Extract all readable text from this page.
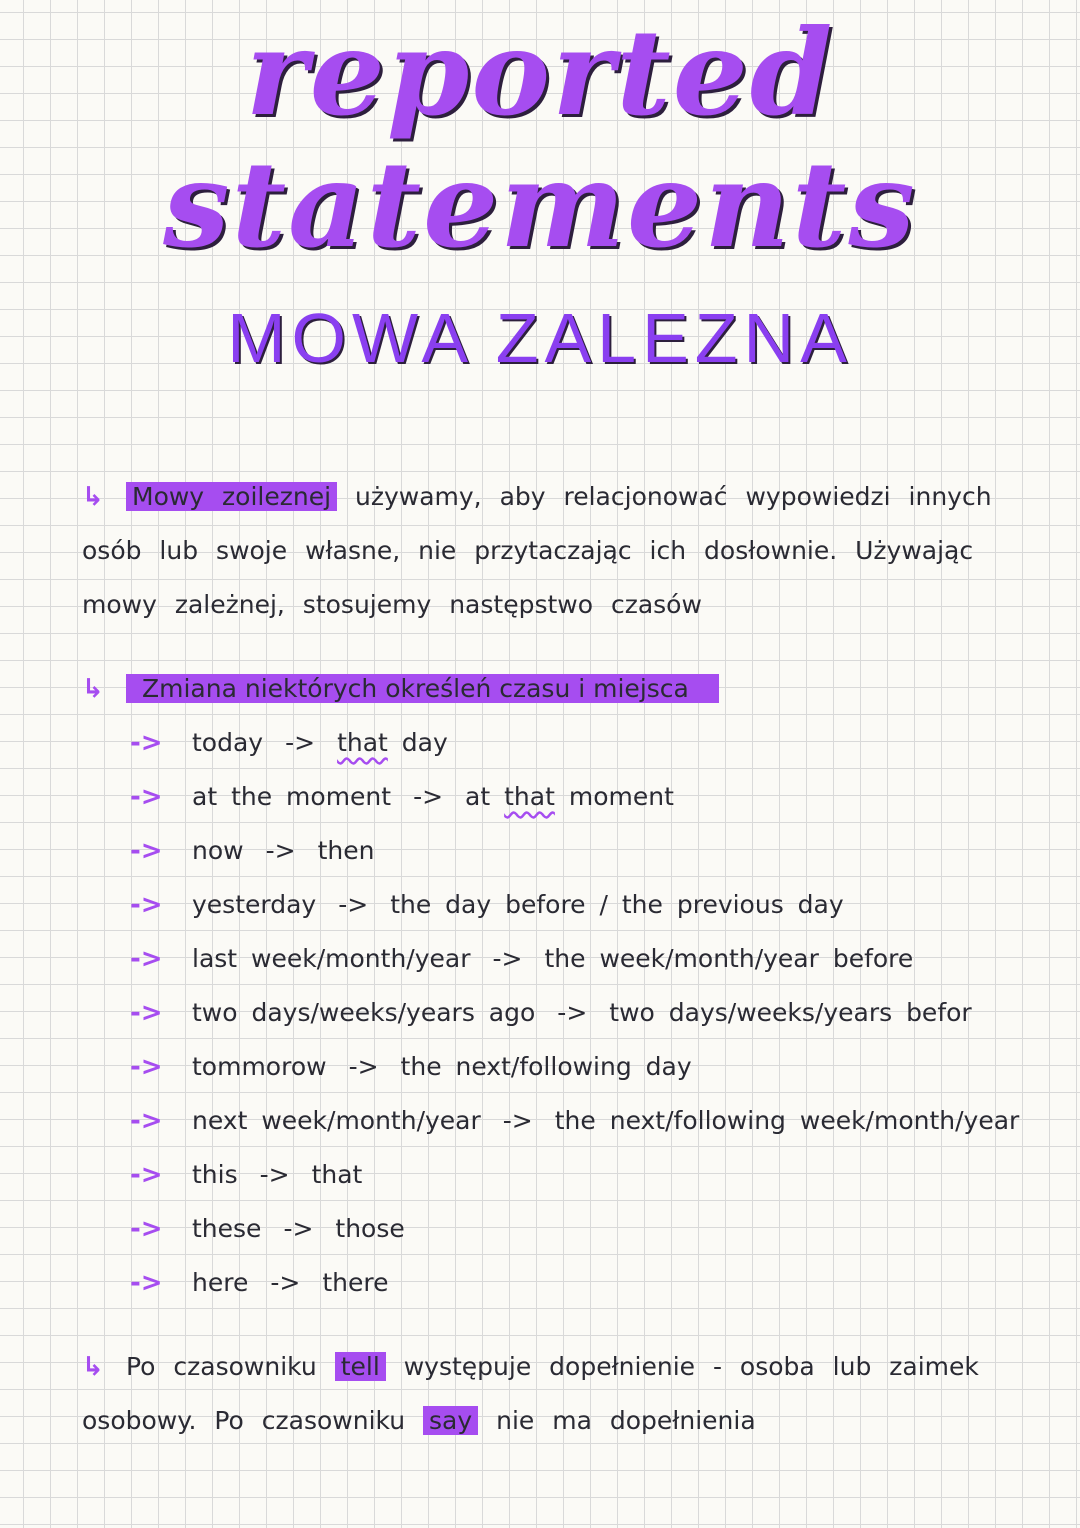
reported
statements
MOWA ZALEZNA
↳ Mowy zoileznej używamy, aby relacjonować wypowiedzi innych osób lub swoje własne, nie przytaczając ich dosłownie. Używając mowy zależnej, stosujemy następstwo czasów
↳ Zmiana niektórych określeń czasu i miejsca
-> today -> that day
-> at the moment -> at that moment
-> now -> then
-> yesterday -> the day before / the previous day
-> last week/month/year -> the week/month/year before
-> two days/weeks/years ago -> two days/weeks/years befor
-> tommorow -> the next/following day
-> next week/month/year -> the next/following week/month/year
-> this -> that
-> these -> those
-> here -> there
↳ Po czasowniku tell występuje dopełnienie - osoba lub zaimek osobowy. Po czasowniku say nie ma dopełnienia
